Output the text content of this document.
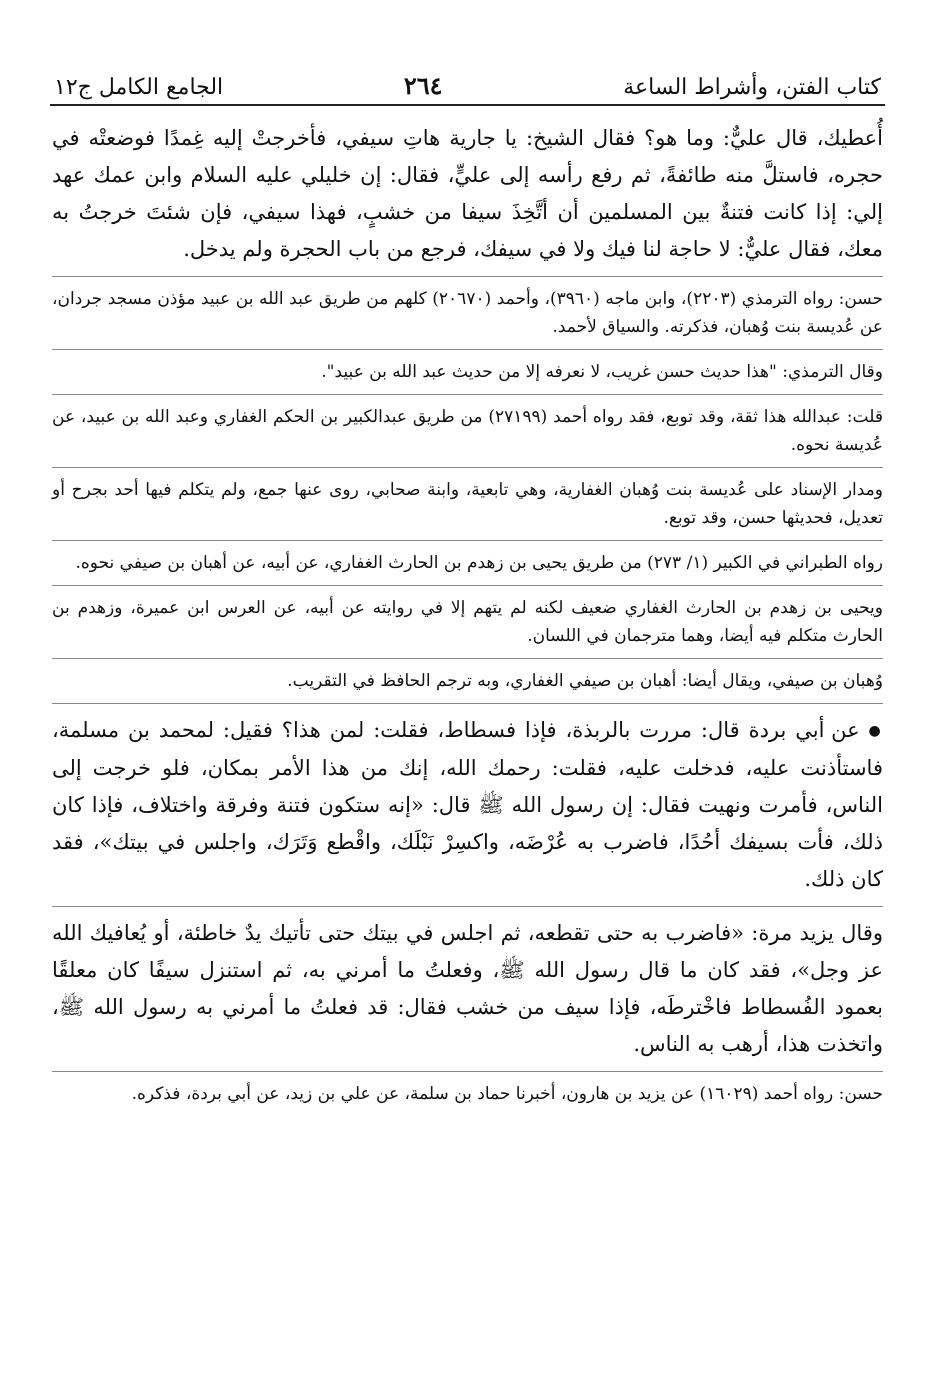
كتاب الفتن، وأشراط الساعة
٢٦٤
الجامع الكامل ج١٢

أُعطيك، قال عليٌّ: وما هو؟ فقال الشيخ: يا جارية هاتِ سيفي، فأخرجتْ إليه غِمدًا فوضعتْه في حجره، فاستلَّ منه طائفةً، ثم رفع رأسه إلى عليٍّ، فقال: إن خليلي عليه السلام وابن عمك عهد إلي: إذا كانت فتنةٌ بين المسلمين أن أتَّخِذَ سيفا من خشبٍ، فهذا سيفي، فإن شئتَ خرجتُ به معك، فقال عليٌّ: لا حاجة لنا فيك ولا في سيفك، فرجع من باب الحجرة ولم يدخل.

حسن: رواه الترمذي (٢٢٠٣)، وابن ماجه (٣٩٦٠)، وأحمد (٢٠٦٧٠) كلهم من طريق عبد الله بن عبيد مؤذن مسجد جردان، عن عُديسة بنت وُهبان، فذكرته. والسياق لأحمد.

وقال الترمذي: "هذا حديث حسن غريب، لا نعرفه إلا من حديث عبد الله بن عبيد".

قلت: عبدالله هذا ثقة، وقد توبع، فقد رواه أحمد (٢٧١٩٩) من طريق عبدالكبير بن الحكم الغفاري وعبد الله بن عبيد، عن عُديسة نحوه.

ومدار الإسناد على عُديسة بنت وُهبان الغفارية، وهي تابعية، وابنة صحابي، روى عنها جمع، ولم يتكلم فيها أحد بجرح أو تعديل، فحديثها حسن، وقد توبع.

رواه الطبراني في الكبير (١/ ٢٧٣) من طريق يحيى بن زهدم بن الحارث الغفاري، عن أبيه، عن أهبان بن صيفي نحوه.

ويحيى بن زهدم بن الحارث الغفاري ضعيف لكنه لم يتهم إلا في روايته عن أبيه، عن العرس ابن عميرة، وزهدم بن الحارث متكلم فيه أيضا، وهما مترجمان في اللسان.

وُهبان بن صيفي، ويقال أيضا: أهبان بن صيفي الغفاري، وبه ترجم الحافظ في التقريب.

● عن أبي بردة قال: مررت بالربذة، فإذا فسطاط، فقلت: لمن هذا؟ فقيل: لمحمد بن مسلمة، فاستأذنت عليه، فدخلت عليه، فقلت: رحمك الله، إنك من هذا الأمر بمكان، فلو خرجت إلى الناس، فأمرت ونهيت فقال: إن رسول الله ﷺ قال: «إنه ستكون فتنة وفرقة واختلاف، فإذا كان ذلك، فأت بسيفك أحُدًا، فاضرب به عُرْضَه، واكسِرْ نَبْلَك، واقْطع وَتَرَك، واجلس في بيتك»، فقد كان ذلك.

وقال يزيد مرة: «فاضرب به حتى تقطعه، ثم اجلس في بيتك حتى تأتيك يدٌ خاطئة، أو يُعافيك الله عز وجل»، فقد كان ما قال رسول الله ﷺ، وفعلتُ ما أمرني به، ثم استنزل سيفًا كان معلقًا بعمود الفُسطاط فاخْترطَه، فإذا سيف من خشب فقال: قد فعلتُ ما أمرني به رسول الله ﷺ، واتخذت هذا، أرهب به الناس.

حسن: رواه أحمد (١٦٠٢٩) عن يزيد بن هارون، أخبرنا حماد بن سلمة، عن علي بن زيد، عن أبي بردة، فذكره.
